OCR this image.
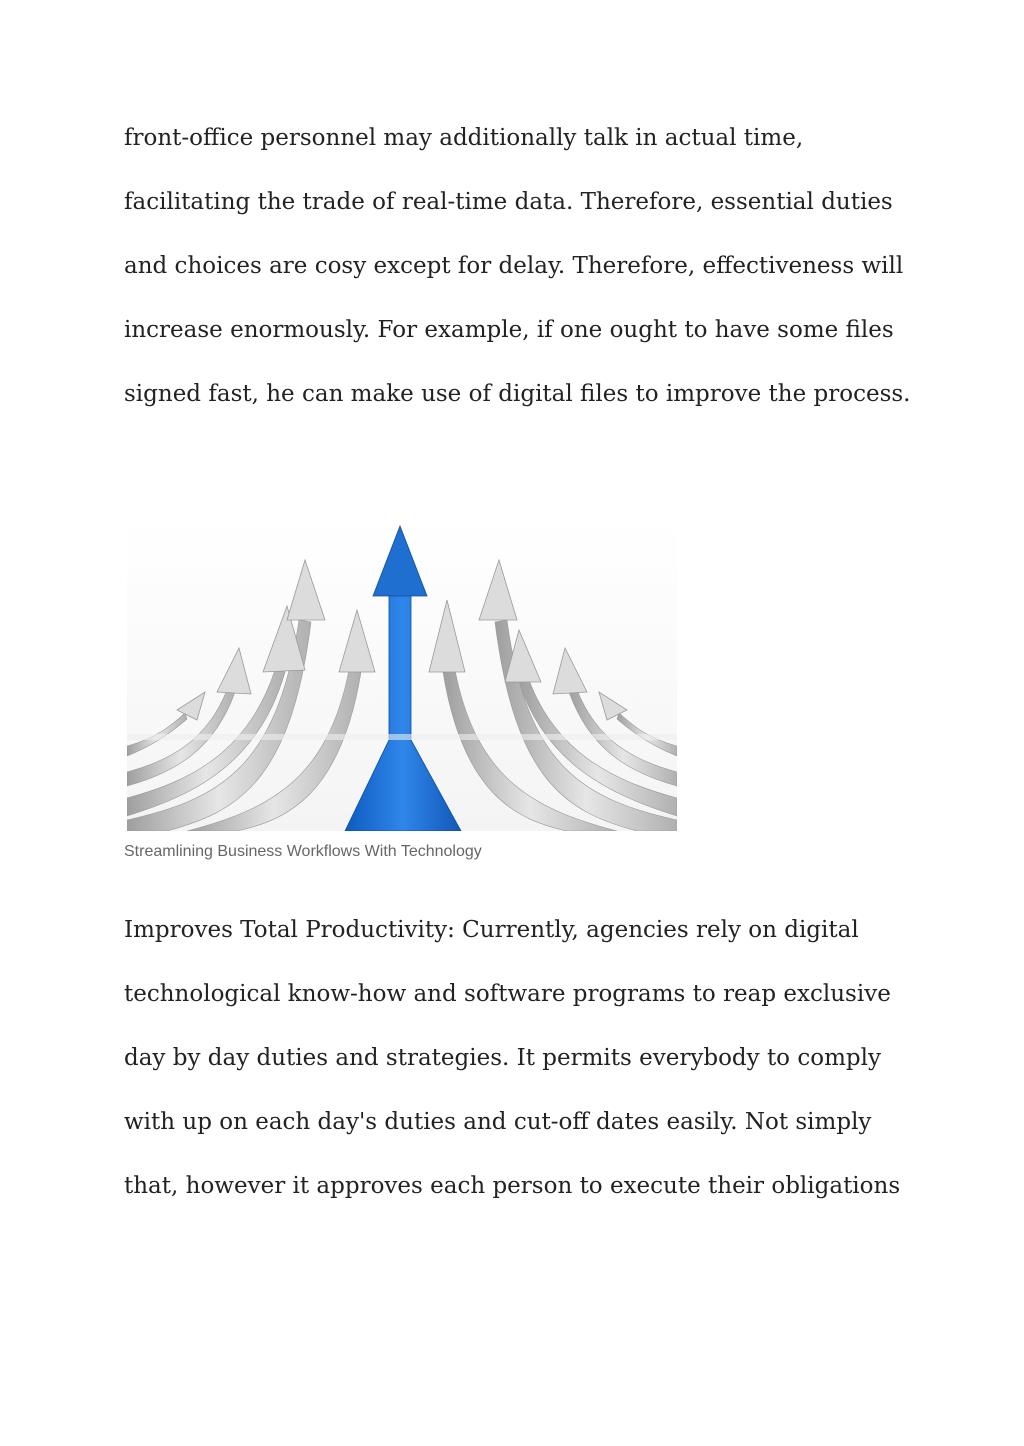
front-office personnel may additionally talk in actual time,
facilitating the trade of real-time data. Therefore, essential duties
and choices are cosy except for delay. Therefore, effectiveness will
increase enormously. For example, if one ought to have some files
signed fast, he can make use of digital files to improve the process.

Streamlining Business Workflows With Technology

Improves Total Productivity: Currently, agencies rely on digital
technological know-how and software programs to reap exclusive
day by day duties and strategies. It permits everybody to comply
with up on each day's duties and cut-off dates easily. Not simply
that, however it approves each person to execute their obligations
